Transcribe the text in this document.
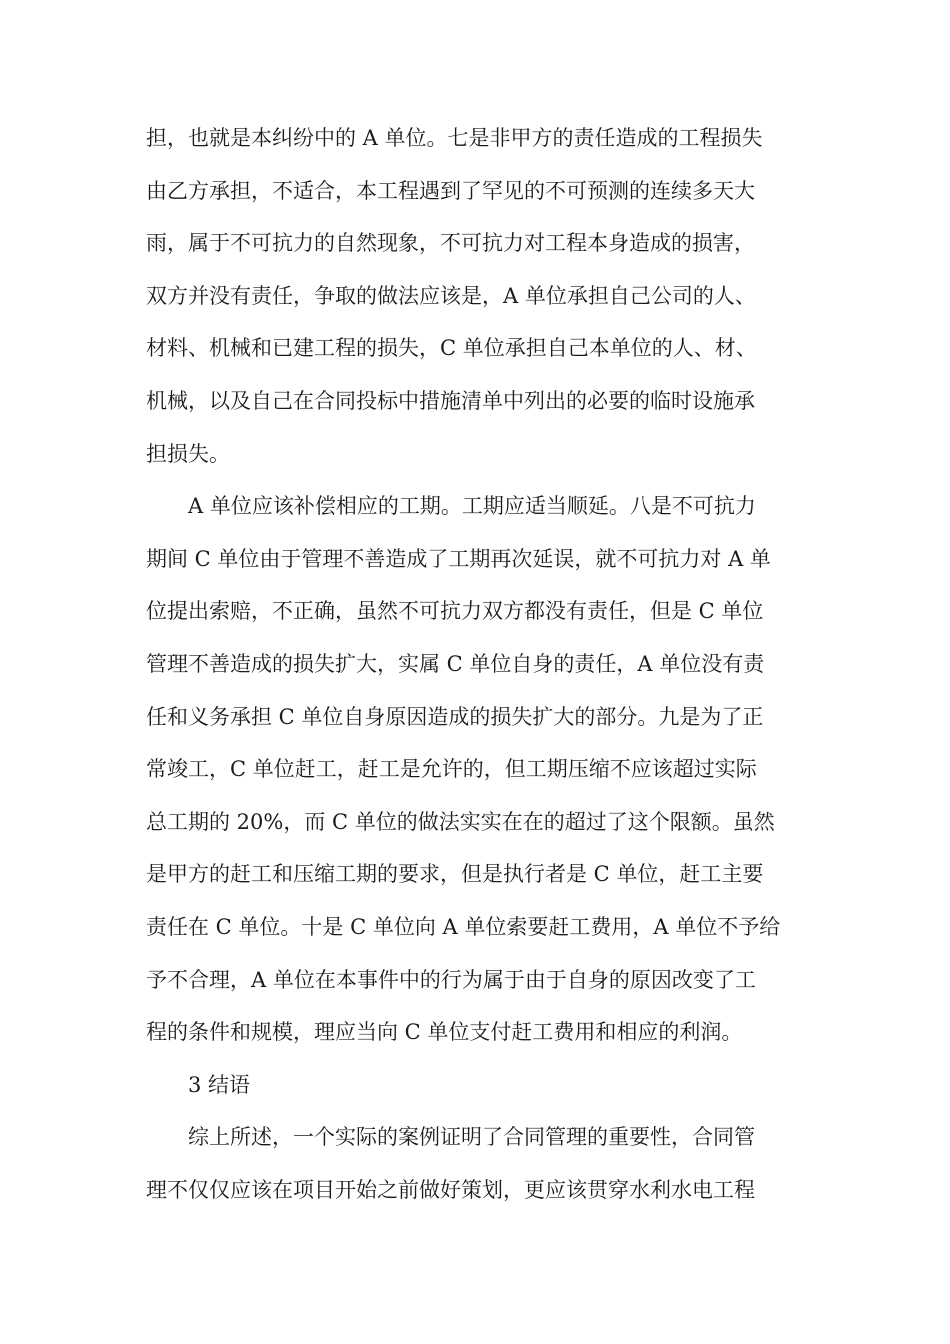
担，也就是本纠纷中的 A 单位。七是非甲方的责任造成的工程损失
由乙方承担，不适合，本工程遇到了罕见的不可预测的连续多天大
雨，属于不可抗力的自然现象，不可抗力对工程本身造成的损害，
双方并没有责任，争取的做法应该是，A 单位承担自己公司的人、
材料、机械和已建工程的损失，C 单位承担自己本单位的人、材、
机械，以及自己在合同投标中措施清单中列出的必要的临时设施承
担损失。
A 单位应该补偿相应的工期。工期应适当顺延。八是不可抗力
期间 C 单位由于管理不善造成了工期再次延误，就不可抗力对 A 单
位提出索赔，不正确，虽然不可抗力双方都没有责任，但是 C 单位
管理不善造成的损失扩大，实属 C 单位自身的责任，A 单位没有责
任和义务承担 C 单位自身原因造成的损失扩大的部分。九是为了正
常竣工，C 单位赶工，赶工是允许的，但工期压缩不应该超过实际
总工期的 20%，而 C 单位的做法实实在在的超过了这个限额。虽然
是甲方的赶工和压缩工期的要求，但是执行者是 C 单位，赶工主要
责任在 C 单位。十是 C 单位向 A 单位索要赶工费用，A 单位不予给
予不合理，A 单位在本事件中的行为属于由于自身的原因改变了工
程的条件和规模，理应当向 C 单位支付赶工费用和相应的利润。
3 结语
综上所述，一个实际的案例证明了合同管理的重要性，合同管
理不仅仅应该在项目开始之前做好策划，更应该贯穿水利水电工程
